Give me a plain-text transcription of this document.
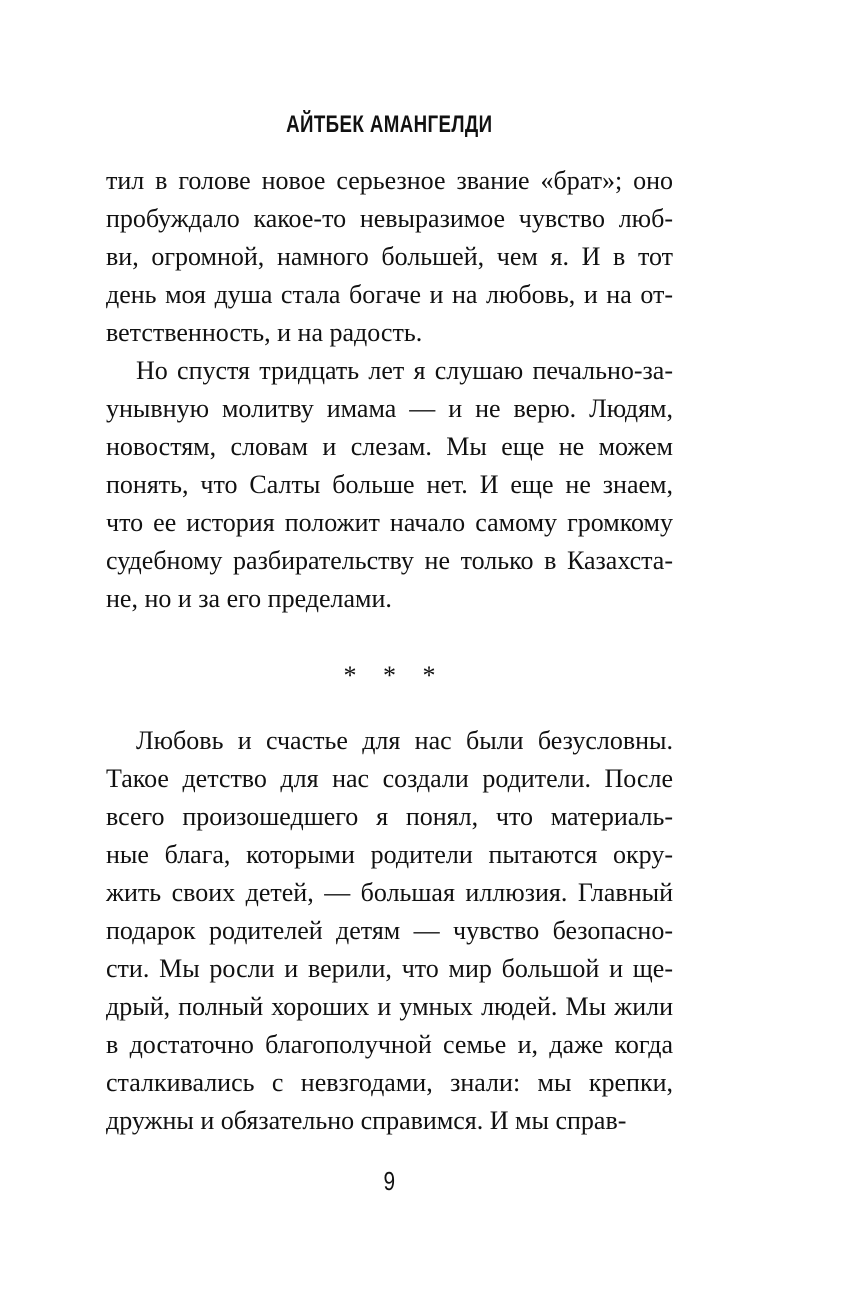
АЙТБЕК АМАНГЕЛДИ
тил в голове новое серьезное звание «брат»; оно
пробуждало какое-то невыразимое чувство люб-
ви, огромной, намного большей, чем я. И в тот
день моя душа стала богаче и на любовь, и на от-
ветственность, и на радость.
Но спустя тридцать лет я слушаю печально-за-
унывную молитву имама — и не верю. Людям,
новостям, словам и слезам. Мы еще не можем
понять, что Салты больше нет. И еще не знаем,
что ее история положит начало самому громкому
судебному разбирательству не только в Казахста-
не, но и за его пределами.
* * *
Любовь и счастье для нас были безусловны.
Такое детство для нас создали родители. После
всего произошедшего я понял, что материаль-
ные блага, которыми родители пытаются окру-
жить своих детей, — большая иллюзия. Главный
подарок родителей детям — чувство безопасно-
сти. Мы росли и верили, что мир большой и ще-
дрый, полный хороших и умных людей. Мы жили
в достаточно благополучной семье и, даже когда
сталкивались с невзгодами, знали: мы крепки,
дружны и обязательно справимся. И мы справ-
9
